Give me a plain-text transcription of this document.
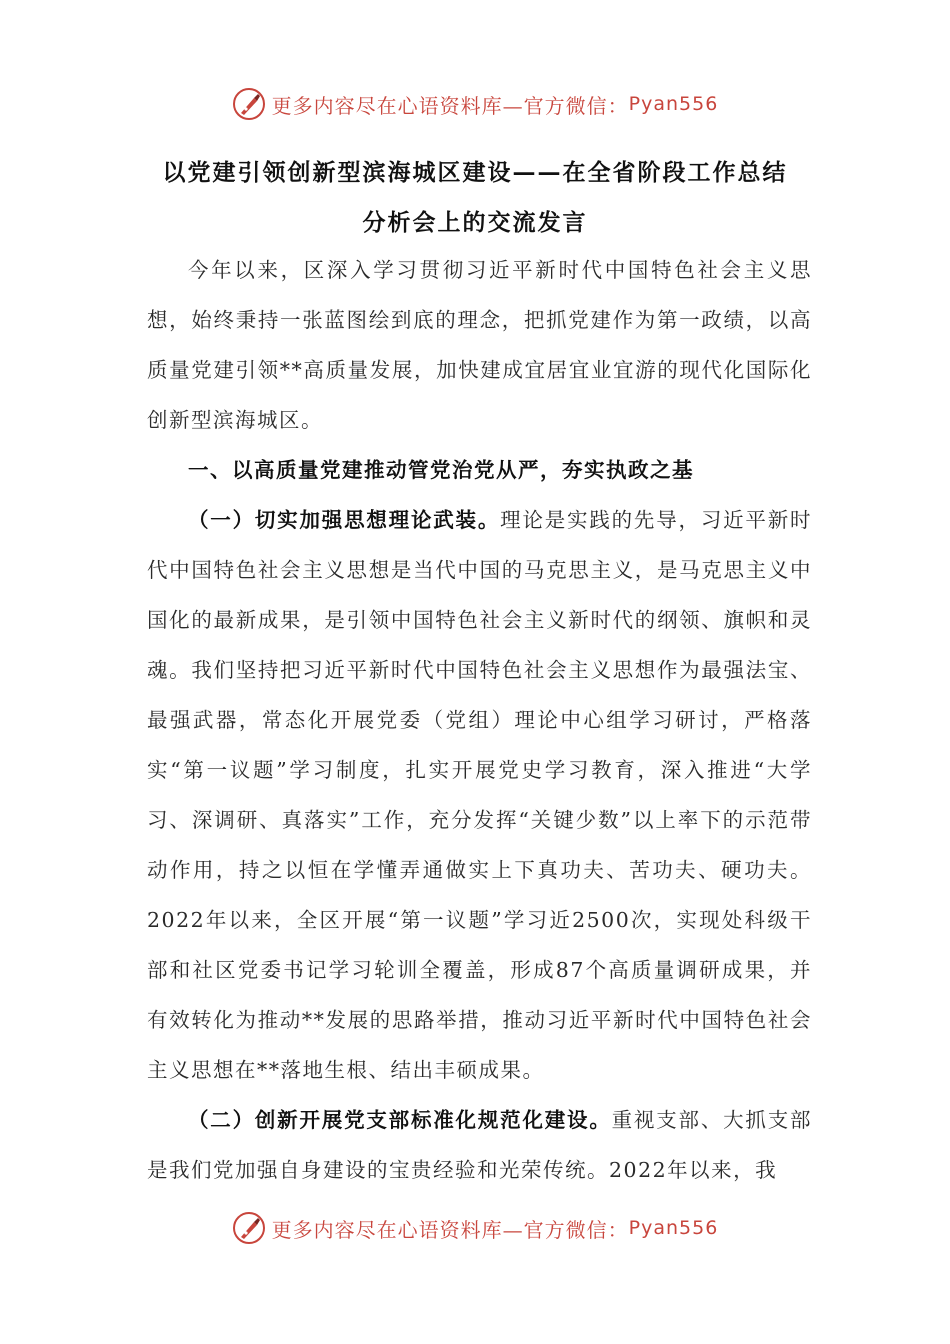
更多内容尽在心语资料库—官方微信： Pyan556
以党建引领创新型滨海城区建设——在全省阶段工作总结
分析会上的交流发言

今年以来，区深入学习贯彻习近平新时代中国特色社会主义思想，始终秉持一张蓝图绘到底的理念，把抓党建作为第一政绩，以高质量党建引领**高质量发展，加快建成宜居宜业宜游的现代化国际化创新型滨海城区。

一、以高质量党建推动管党治党从严，夯实执政之基

（一）切实加强思想理论武装。理论是实践的先导，习近平新时代中国特色社会主义思想是当代中国的马克思主义，是马克思主义中国化的最新成果，是引领中国特色社会主义新时代的纲领、旗帜和灵魂。我们坚持把习近平新时代中国特色社会主义思想作为最强法宝、最强武器，常态化开展党委（党组）理论中心组学习研讨，严格落实“第一议题”学习制度，扎实开展党史学习教育，深入推进“大学习、深调研、真落实”工作，充分发挥“关键少数”以上率下的示范带动作用，持之以恒在学懂弄通做实上下真功夫、苦功夫、硬功夫。2022年以来，全区开展“第一议题”学习近2500次，实现处科级干部和社区党委书记学习轮训全覆盖，形成87个高质量调研成果，并有效转化为推动**发展的思路举措，推动习近平新时代中国特色社会主义思想在**落地生根、结出丰硕成果。

（二）创新开展党支部标准化规范化建设。重视支部、大抓支部是我们党加强自身建设的宝贵经验和光荣传统。2022年以来，我

更多内容尽在心语资料库—官方微信： Pyan556
